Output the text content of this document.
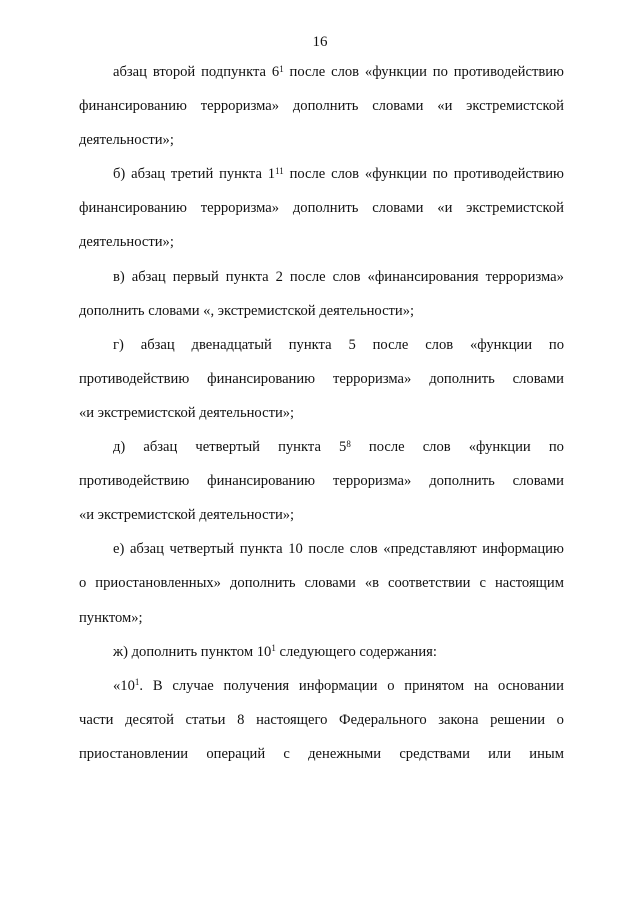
16
абзац второй подпункта $6^1$ после слов «функции по противодействию
финансированию терроризма» дополнить словами «и экстремистской
деятельности»;
б) абзац третий пункта $1^{11}$ после слов «функции по противодействию
финансированию терроризма» дополнить словами «и экстремистской
деятельности»;
в) абзац первый пункта 2 после слов «финансирования терроризма»
дополнить словами «, экстремистской деятельности»;
г) абзац двенадцатый пункта 5 после слов «функции по
противодействию финансированию терроризма» дополнить словами
«и экстремистской деятельности»;
д) абзац четвертый пункта $5^8$ после слов «функции по
противодействию финансированию терроризма» дополнить словами
«и экстремистской деятельности»;
е) абзац четвертый пункта 10 после слов «представляют информацию
о приостановленных» дополнить словами «в соответствии с настоящим
пунктом»;
ж) дополнить пунктом $10^1$ следующего содержания:
«$10^1$. В случае получения информации о принятом на основании
части десятой статьи 8 настоящего Федерального закона решении о
приостановлении операций с денежными средствами или иным
